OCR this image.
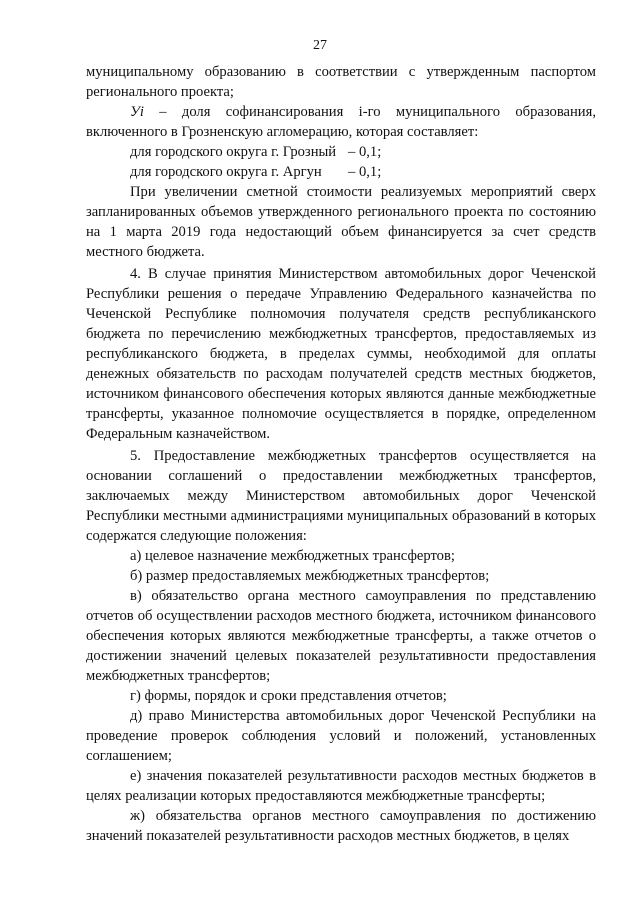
27

муниципальному образованию в соответствии с утвержденным паспортом регионального проекта;

Уi – доля софинансирования i-го муниципального образования, включенного в Грозненскую агломерацию, которая составляет:

для городского округа г. Грозный – 0,1;

для городского округа г. Аргун – 0,1;

При увеличении сметной стоимости реализуемых мероприятий сверх запланированных объемов утвержденного регионального проекта по состоянию на 1 марта 2019 года недостающий объем финансируется за счет средств местного бюджета.

4. В случае принятия Министерством автомобильных дорог Чеченской Республики решения о передаче Управлению Федерального казначейства по Чеченской Республике полномочия получателя средств республиканского бюджета по перечислению межбюджетных трансфертов, предоставляемых из республиканского бюджета, в пределах суммы, необходимой для оплаты денежных обязательств по расходам получателей средств местных бюджетов, источником финансового обеспечения которых являются данные межбюджетные трансферты, указанное полномочие осуществляется в порядке, определенном Федеральным казначейством.

5. Предоставление межбюджетных трансфертов осуществляется на основании соглашений о предоставлении межбюджетных трансфертов, заключаемых между Министерством автомобильных дорог Чеченской Республики местными администрациями муниципальных образований в которых содержатся следующие положения:

а) целевое назначение межбюджетных трансфертов;

б) размер предоставляемых межбюджетных трансфертов;

в) обязательство органа местного самоуправления по представлению отчетов об осуществлении расходов местного бюджета, источником финансового обеспечения которых являются межбюджетные трансферты, а также отчетов о достижении значений целевых показателей результативности предоставления межбюджетных трансфертов;

г) формы, порядок и сроки представления отчетов;

д) право Министерства автомобильных дорог Чеченской Республики на проведение проверок соблюдения условий и положений, установленных соглашением;

е) значения показателей результативности расходов местных бюджетов в целях реализации которых предоставляются межбюджетные трансферты;

ж) обязательства органов местного самоуправления по достижению значений показателей результативности расходов местных бюджетов, в целях
